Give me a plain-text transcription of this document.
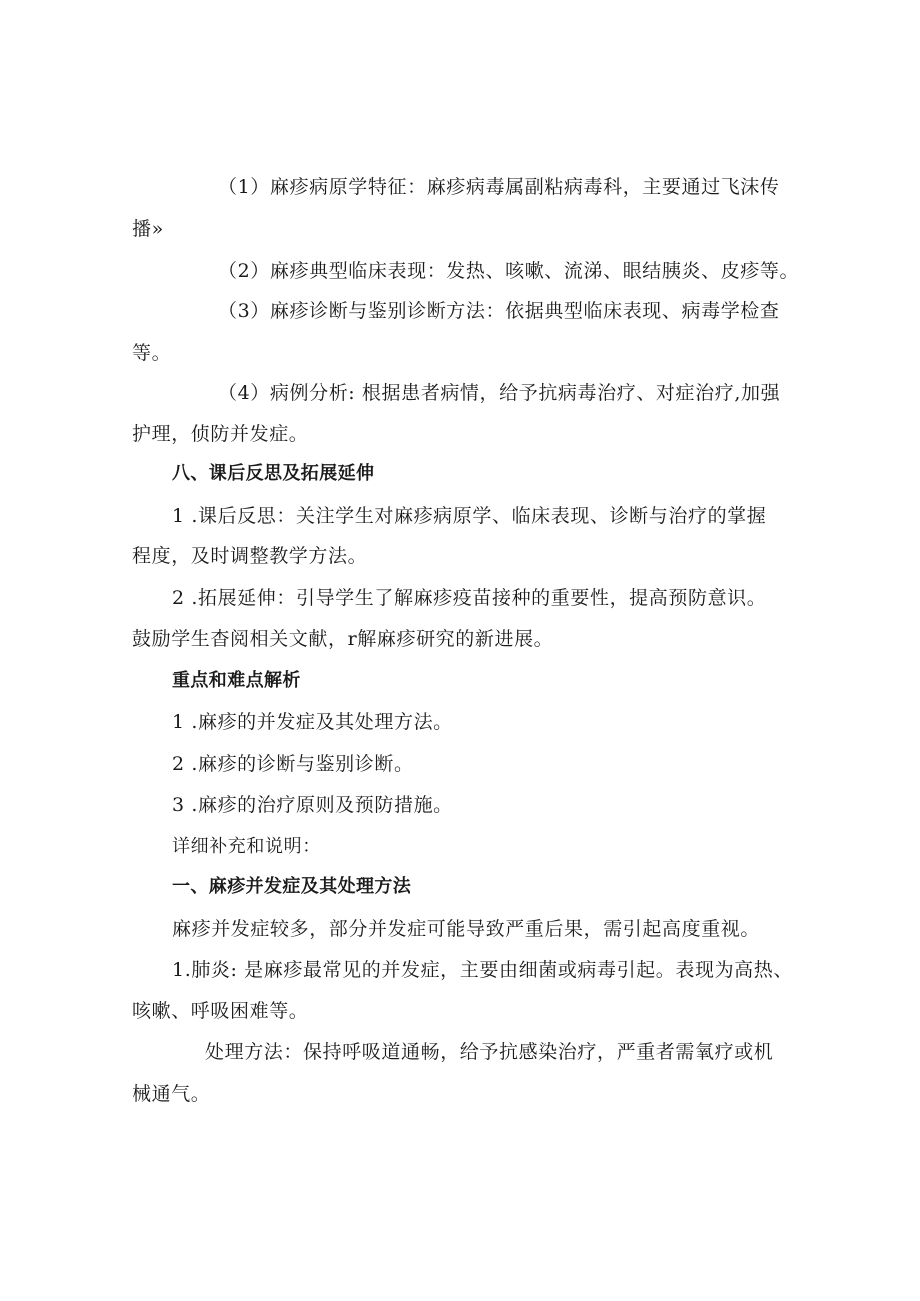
（1）麻疹病原学特征：麻疹病毒属副粘病毒科，主要通过飞沫传
播»
（2）麻疹典型临床表现：发热、咳嗽、流涕、眼结胰炎、皮疹等。
（3）麻疹诊断与鉴别诊断方法：依据典型临床表现、病毒学检查
等。
（4）病例分析: 根据患者病情，给予抗病毒治疗、对症治疗,加强
护理，侦防并发症。
八、课后反思及拓展延伸
1 .课后反思：关注学生对麻疹病原学、临床表现、诊断与治疗的掌握
程度，及时调整教学方法。
2 .拓展延伸：引导学生了解麻疹疫苗接种的重要性，提高预防意识。
鼓励学生杳阅相关文献，r解麻疹研究的新进展。
重点和难点解析
1 .麻疹的并发症及其处理方法。
2 .麻疹的诊断与鉴别诊断。
3 .麻疹的治疗原则及预防措施。
详细补充和说明：
一、麻疹并发症及其处理方法
麻疹并发症较多，部分并发症可能导致严重后果，需引起高度重视。
1.肺炎: 是麻疹最常见的并发症，主要由细菌或病毒引起。表现为高热、
咳嗽、呼吸困难等。
处理方法：保持呼吸道通畅，给予抗感染治疗，严重者需氧疗或机
械通气。
